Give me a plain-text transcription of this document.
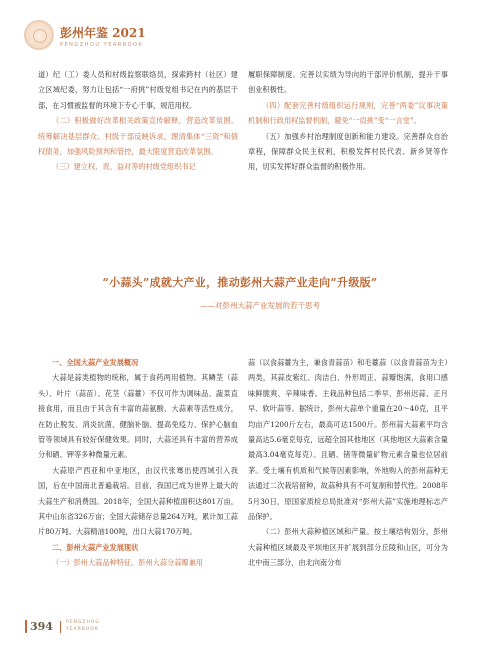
彭州年鉴 2021
PENGZHOU YEARBOOK

道）纪（工）委人员和村级监察联络员，探索跨村（社区）建立区域纪委，努力让包括“一府挑”村级党组书记在内的基层干部，在习惯被监督的环境下专心干事，规范用权。

（二）积极做好改革相关政策宣传解释，营造改革氛围。统筹解决基层群众、村级干部反映诉求，理清集体“三资”和债权债务，加强风险预判和管控，最大限度营造改革氛围。

（三）建立权、责、益对等的村级党组织书记

履职保障制度。完善以实绩为导向的干部评价机制，提升干事创业积极性。

（四）配套完善村级组织运行规则，完善“两委”议事决策机制和行政用权监督机制，避免“一肩挑”变“一言堂”。

（五）加强乡村治理制度创新和能力建设。完善群众自治章程，保障群众民主权利，积极发挥村民代表、新乡贤等作用，切实发挥好群众监督的积极作用。

“小蒜头”成就大产业，推动彭州大蒜产业走向“升级版”
——对彭州大蒜产业发展的若干思考

一、全国大蒜产业发展概况

大蒜是蒜类植物的统称，属于食药两用植物。其鳞茎（蒜头）、叶片（蒜苗）、花茎（蒜薹）不仅可作为调味品、蔬菜直接食用，而且由于其含有丰富的蒜氨酸、大蒜素等活性成分，在防止脱发、消炎抗菌、健脑补脑、提高免疫力、保护心脑血管等领域具有较好保健效果。同时，大蒜还具有丰富的营养成分和硒、钾等多种微量元素。

大蒜原产西亚和中亚地区，由汉代张骞出使西域引入我国，后在中国南北普遍栽培。目前，我国已成为世界上最大的大蒜生产和消费国。2018年，全国大蒜种植面积达801万亩，其中山东省326万亩；全国大蒜储存总量264万吨，累计加工蒜片80万吨、大蒜精油100吨，出口大蒜170万吨。

二、彭州大蒜产业发展现状

（一）彭州大蒜品种特征。彭州大蒜分蒜瓣兼用

蒜（以食蒜薹为主，兼食青蒜苗）和毛薹蒜（以食青蒜苗为主）两类，其蒜皮紫红、肉洁白、外形周正、蒜瓣饱满，食用口感味鲜脆爽、辛辣味香。主栽品种包括二季早、彭州迟蒜、正月早、软叶蒜等。据统计，彭州大蒜单个重量在20～40克，且平均亩产1200斤左右，最高可达1500斤。彭州蒜大蒜素平均含量高达5.6毫克每克，远超全国其他地区（其他地区大蒜素含量最高3.04毫克每克）。且硒、锗等微量矿物元素含量也位居前茅。受土壤有机质和气候等因素影响，外地购入的彭州蒜种无法通过二次栽培留种，故蒜种具有不可复制和替代性。2008年5月30日，原国家质检总局批准对“彭州大蒜”实施地理标志产品保护。

（二）彭州大蒜种植区域和产量。按土壤结构划分，彭州大蒜种植区域最及平坝地区开扩展到部分丘陵和山区，可分为北中南三部分，由北向南分布

394	PENGZHOU
YEARBOOK
